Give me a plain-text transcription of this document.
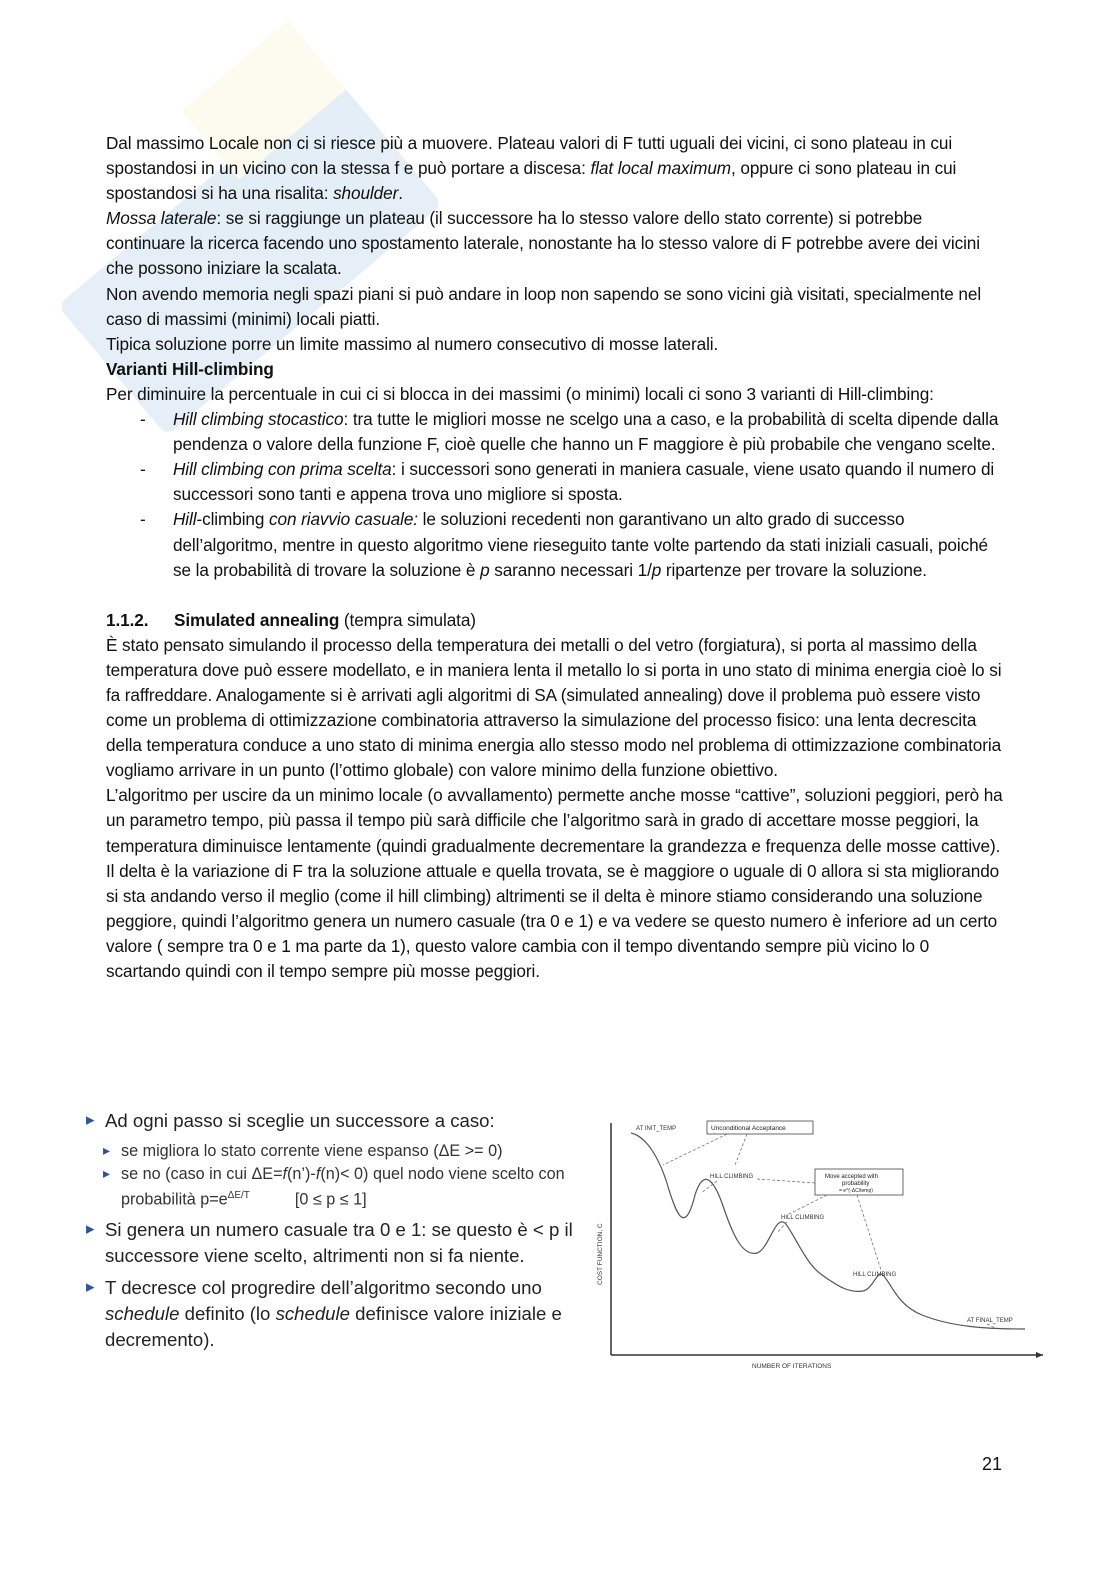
Dal massimo Locale non ci si riesce più a muovere. Plateau valori di F tutti uguali dei vicini, ci sono plateau in cui spostandosi in un vicino con la stessa f e può portare a discesa: flat local maximum, oppure ci sono plateau in cui spostandosi si ha una risalita: shoulder.

Mossa laterale: se si raggiunge un plateau (il successore ha lo stesso valore dello stato corrente) si potrebbe continuare la ricerca facendo uno spostamento laterale, nonostante ha lo stesso valore di F potrebbe avere dei vicini che possono iniziare la scalata.

Non avendo memoria negli spazi piani si può andare in loop non sapendo se sono vicini già visitati, specialmente nel caso di massimi (minimi) locali piatti.

Tipica soluzione porre un limite massimo al numero consecutivo di mosse laterali.

Varianti Hill-climbing

Per diminuire la percentuale in cui ci si blocca in dei massimi (o minimi) locali ci sono 3 varianti di Hill-climbing:

- Hill climbing stocastico: tra tutte le migliori mosse ne scelgo una a caso, e la probabilità di scelta dipende dalla pendenza o valore della funzione F, cioè quelle che hanno un F maggiore è più probabile che vengano scelte.
- Hill climbing con prima scelta: i successori sono generati in maniera casuale, viene usato quando il numero di successori sono tanti e appena trova uno migliore si sposta.
- Hill-climbing con riavvio casuale: le soluzioni recedenti non garantivano un alto grado di successo dell’algoritmo, mentre in questo algoritmo viene rieseguito tante volte partendo da stati iniziali casuali, poiché se la probabilità di trovare la soluzione è p saranno necessari 1/p ripartenze per trovare la soluzione.

1.1.2. Simulated annealing (tempra simulata)

È stato pensato simulando il processo della temperatura dei metalli o del vetro (forgiatura), si porta al massimo della temperatura dove può essere modellato, e in maniera lenta il metallo lo si porta in uno stato di minima energia cioè lo si fa raffreddare. Analogamente si è arrivati agli algoritmi di SA (simulated annealing) dove il problema può essere visto come un problema di ottimizzazione combinatoria attraverso la simulazione del processo fisico: una lenta decrescita della temperatura conduce a uno stato di minima energia allo stesso modo nel problema di ottimizzazione combinatoria vogliamo arrivare in un punto (l’ottimo globale) con valore minimo della funzione obiettivo.

L’algoritmo per uscire da un minimo locale (o avvallamento) permette anche mosse “cattive”, soluzioni peggiori, però ha un parametro tempo, più passa il tempo più sarà difficile che l’algoritmo sarà in grado di accettare mosse peggiori, la temperatura diminuisce lentamente (quindi gradualmente decrementare la grandezza e frequenza delle mosse cattive).

Il delta è la variazione di F tra la soluzione attuale e quella trovata, se è maggiore o uguale di 0 allora si sta migliorando si sta andando verso il meglio (come il hill climbing) altrimenti se il delta è minore stiamo considerando una soluzione peggiore, quindi l’algoritmo genera un numero casuale (tra 0 e 1) e va vedere se questo numero è inferiore ad un certo valore ( sempre tra 0 e 1 ma parte da 1), questo valore cambia con il tempo diventando sempre più vicino lo 0 scartando quindi con il tempo sempre più mosse peggiori.

▸ Ad ogni passo si sceglie un successore a caso:

▸ se migliora lo stato corrente viene espanso (ΔE >= 0)

▸ se no (caso in cui ΔE=f(n’)-f(n)< 0) quel nodo viene scelto con probabilità $p=e^{\Delta E/T}$          [0 ≤ p ≤ 1]

▸ Si genera un numero casuale tra 0 e 1: se questo è < p il successore viene scelto, altrimenti non si fa niente.

▸ T decresce col progredire dell’algoritmo secondo uno schedule definito (lo schedule definisce valore iniziale e decremento).

COST FUNCTION, C
NUMBER OF ITERATIONS
AT INIT_TEMP	Unconditional Acceptance
HILL CLIMBING	Move accepted with
probability
= e^(-ΔC/temp)
HILL CLIMBING
HILL CLIMBING
AT FINAL_TEMP
21
